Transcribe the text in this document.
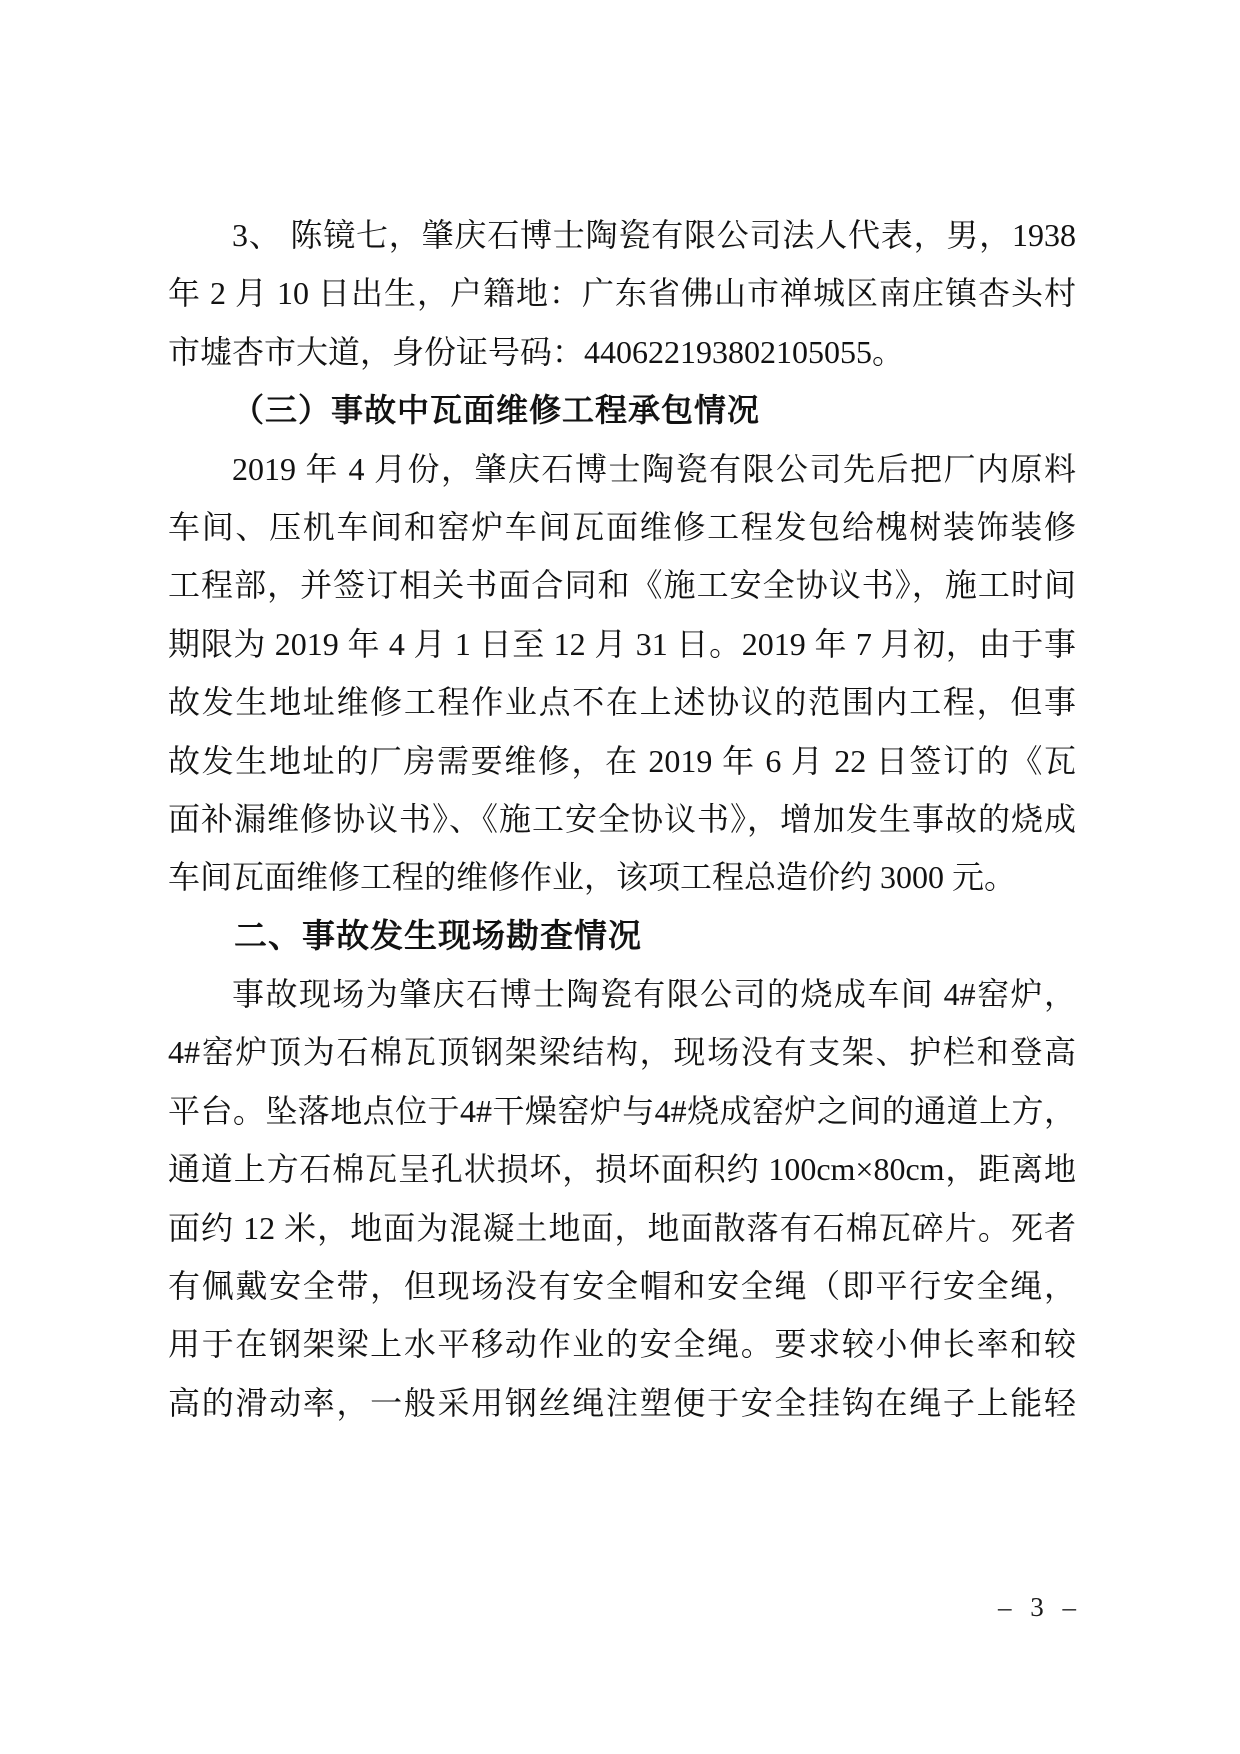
3、 陈镜七，肇庆石博士陶瓷有限公司法人代表，男，1938
年 2 月 10 日出生，户籍地：广东省佛山市禅城区南庄镇杏头村
市墟杏市大道，身份证号码：440622193802105055。
（三）事故中瓦面维修工程承包情况
2019 年 4 月份，肇庆石博士陶瓷有限公司先后把厂内原料
车间、压机车间和窑炉车间瓦面维修工程发包给槐树装饰装修
工程部，并签订相关书面合同和《施工安全协议书》，施工时间
期限为 2019 年 4 月 1 日至 12 月 31 日。2019 年 7 月初，由于事
故发生地址维修工程作业点不在上述协议的范围内工程，但事
故发生地址的厂房需要维修，在 2019 年 6 月 22 日签订的《瓦
面补漏维修协议书》、《施工安全协议书》，增加发生事故的烧成
车间瓦面维修工程的维修作业，该项工程总造价约 3000 元。
二、事故发生现场勘查情况
事故现场为肇庆石博士陶瓷有限公司的烧成车间 4#窑炉，
4#窑炉顶为石棉瓦顶钢架梁结构，现场没有支架、护栏和登高
平台。坠落地点位于4#干燥窑炉与4#烧成窑炉之间的通道上方，
通道上方石棉瓦呈孔状损坏，损坏面积约 100cm×80cm，距离地
面约 12 米，地面为混凝土地面，地面散落有石棉瓦碎片。死者
有佩戴安全带，但现场没有安全帽和安全绳（即平行安全绳，
用于在钢架梁上水平移动作业的安全绳。要求较小伸长率和较
高的滑动率，一般采用钢丝绳注塑便于安全挂钩在绳子上能轻
– 3 –
